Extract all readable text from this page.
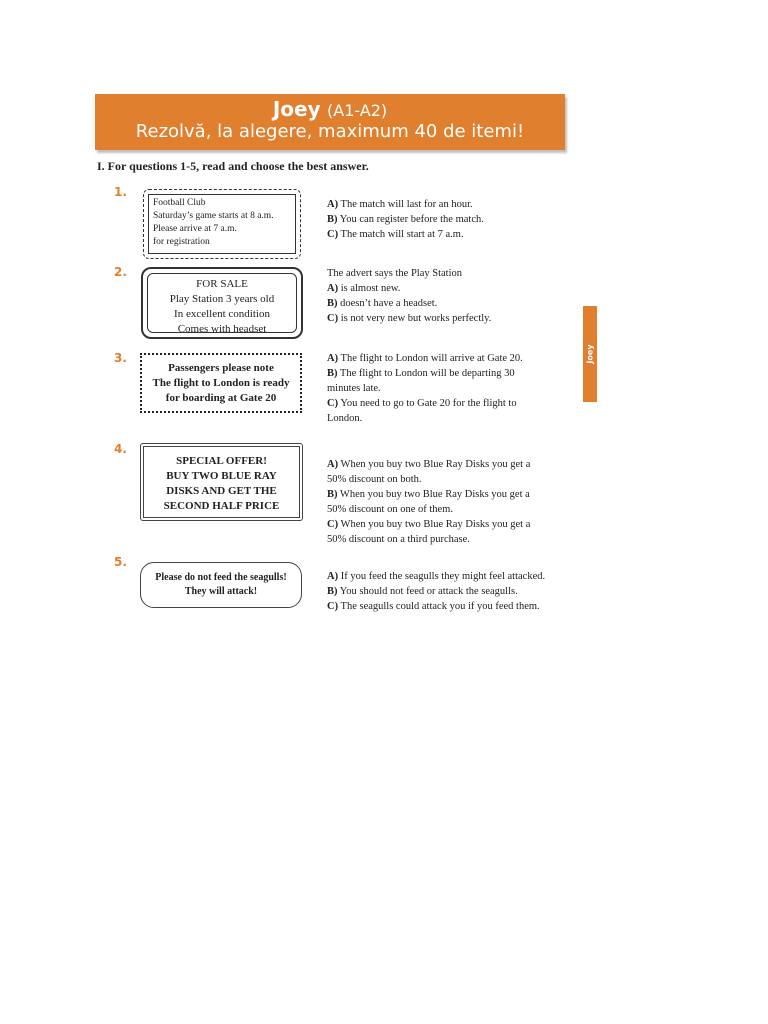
Joey (A1-A2)
Rezolvă, la alegere, maximum 40 de itemi!
I. For questions 1-5, read and choose the best answer.
Joey
1.
Football Club
Saturday’s game starts at 8 a.m.
Please arrive at 7 a.m.
for registration
A) The match will last for an hour.
B) You can register before the match.
C) The match will start at 7 a.m.
2.
FOR SALE
Play Station 3 years old
In excellent condition
Comes with headset
The advert says the Play Station
A) is almost new.
B) doesn’t have a headset.
C) is not very new but works perfectly.
3.
Passengers please note
The flight to London is ready
for boarding at Gate 20
A) The flight to London will arrive at Gate 20.
B) The flight to London will be departing 30
minutes late.
C) You need to go to Gate 20 for the flight to
London.
4.
SPECIAL OFFER!
BUY TWO BLUE RAY
DISKS AND GET THE
SECOND HALF PRICE
A) When you buy two Blue Ray Disks you get a
50% discount on both.
B) When you buy two Blue Ray Disks you get a
50% discount on one of them.
C) When you buy two Blue Ray Disks you get a
50% discount on a third purchase.
5.
Please do not feed the seagulls!
They will attack!
A) If you feed the seagulls they might feel attacked.
B) You should not feed or attack the seagulls.
C) The seagulls could attack you if you feed them.
